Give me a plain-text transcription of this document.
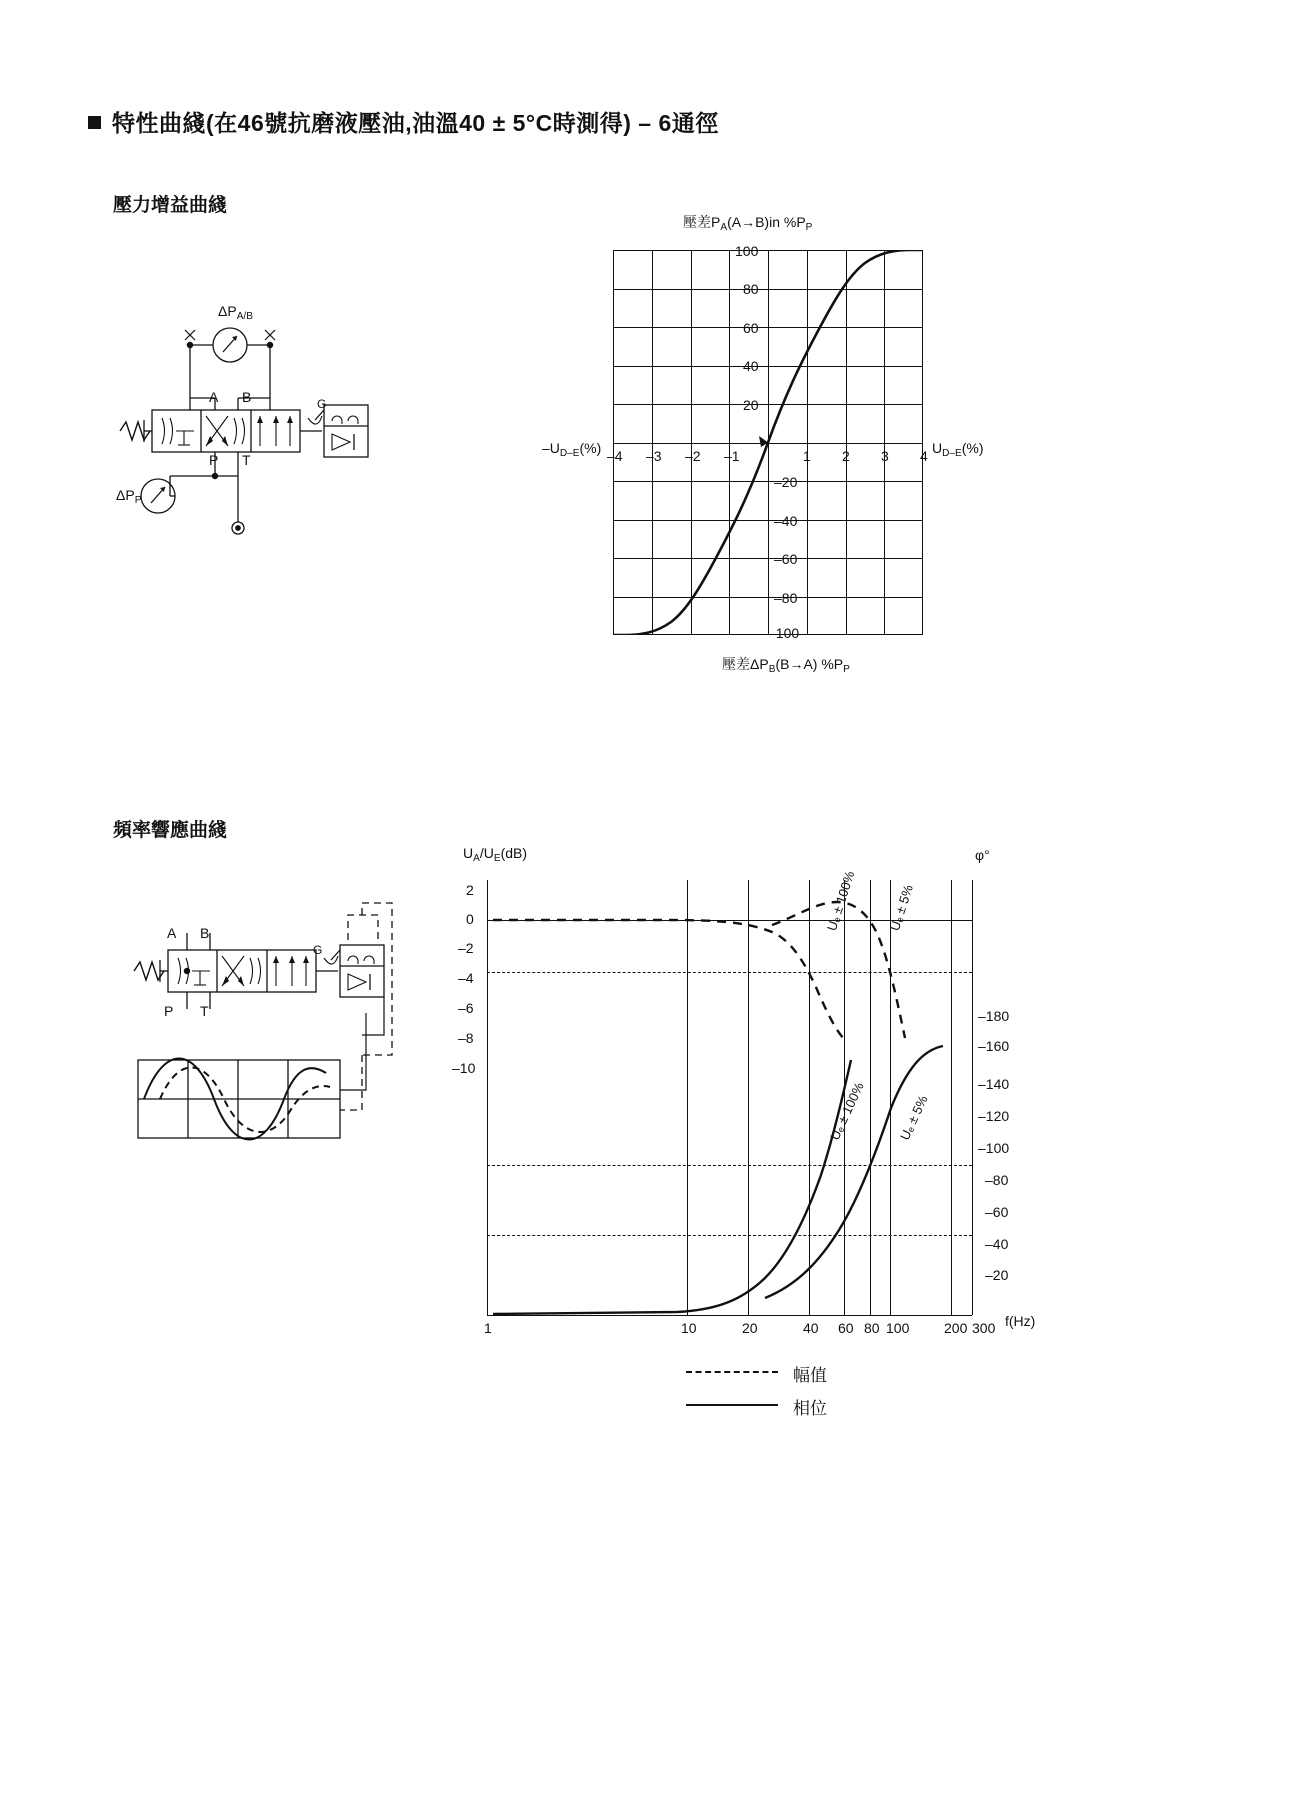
特性曲綫(在46號抗磨液壓油,油溫40 ± 5°C時測得) – 6通徑
壓力增益曲綫
頻率響應曲綫
$\Delta P_{A/B}$
$\Delta P_P$
A B
P T
G
壓差$P_A(A\to B)in$ $\%P_P$
壓差$\Delta P_B(B\to A)$ $\%P_P$
$-U_{D-E}(\%)$	$U_{D-E}(\%)$
–4 –3 –2 –1	1 2 3 4
100
80
60
40
20
–20
–40
–60
–80
–100
A B
P T
G
$U_A/U_E(dB)$	φ°
f(Hz)
Uₑ ± 100% Uₑ ± 5%
Uₑ ± 100% Uₑ ± 5%
2
0
–2
–4
–6
–8
–10
–180
–160
–140
–120
–100
–80
–60
–40
–20
1	10	20	40 60 80 100 200 300
幅值
相位
